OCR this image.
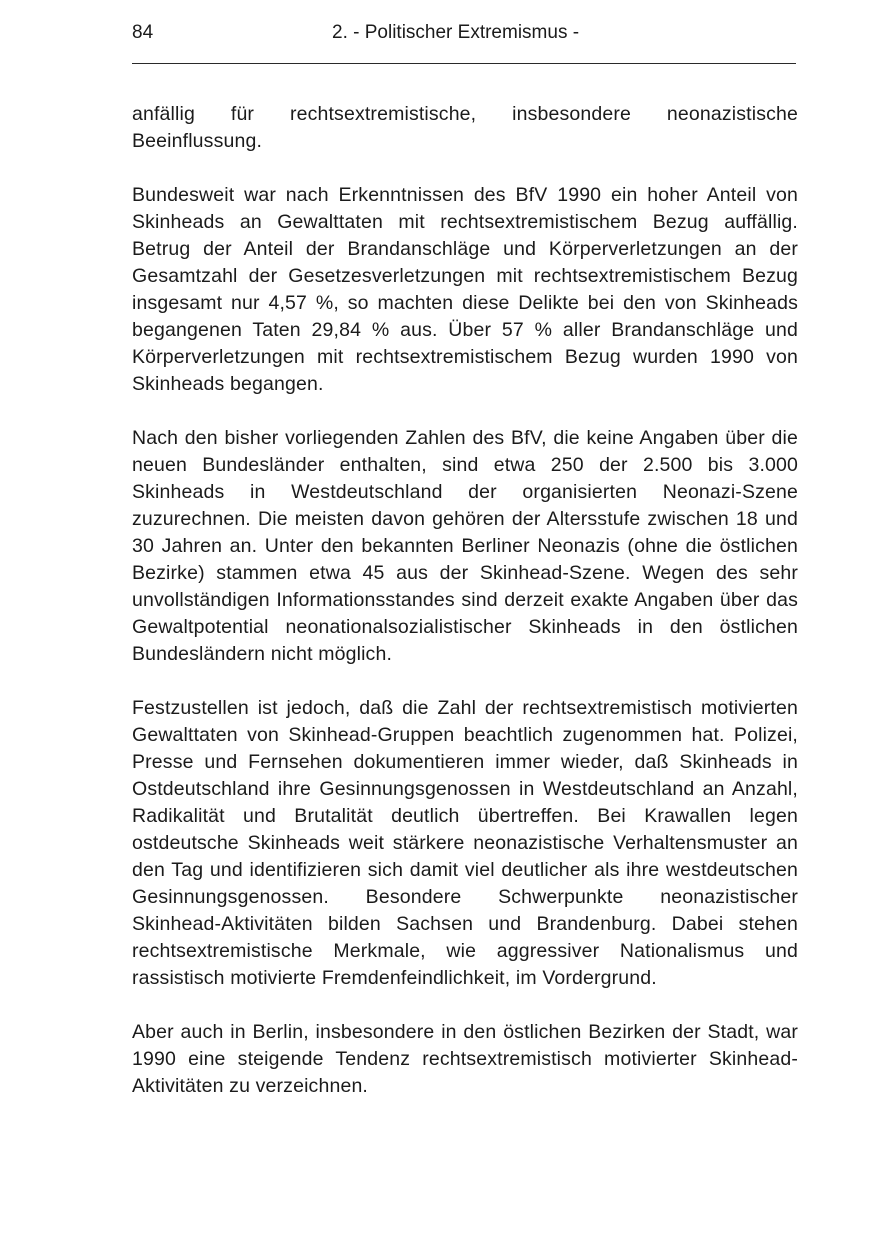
84	2. - Politischer Extremismus -

anfällig für rechtsextremistische, insbesondere neonazistische Beeinflussung.

Bundesweit war nach Erkenntnissen des BfV 1990 ein hoher Anteil von Skinheads an Gewalttaten mit rechtsextremistischem Bezug auffällig. Betrug der Anteil der Brandanschläge und Körperverletzungen an der Gesamtzahl der Gesetzesverletzungen mit rechtsextremistischem Bezug insgesamt nur 4,57 %, so machten diese Delikte bei den von Skinheads begangenen Taten 29,84 % aus. Über 57 % aller Brandanschläge und Körperverletzungen mit rechtsextremistischem Bezug wurden 1990 von Skinheads begangen.

Nach den bisher vorliegenden Zahlen des BfV, die keine Angaben über die neuen Bundesländer enthalten, sind etwa 250 der 2.500 bis 3.000 Skinheads in Westdeutschland der organisierten Neonazi-Szene zuzurechnen. Die meisten davon gehören der Altersstufe zwischen 18 und 30 Jahren an. Unter den bekannten Berliner Neonazis (ohne die östlichen Bezirke) stammen etwa 45 aus der Skinhead-Szene. Wegen des sehr unvollständigen Informationsstandes sind derzeit exakte Angaben über das Gewaltpotential neonationalsozialistischer Skinheads in den östlichen Bundesländern nicht möglich.

Festzustellen ist jedoch, daß die Zahl der rechtsextremistisch motivierten Gewalttaten von Skinhead-Gruppen beachtlich zugenommen hat. Polizei, Presse und Fernsehen dokumentieren immer wieder, daß Skinheads in Ostdeutschland ihre Gesinnungsgenossen in Westdeutschland an Anzahl, Radikalität und Brutalität deutlich übertreffen. Bei Krawallen legen ostdeutsche Skinheads weit stärkere neonazistische Verhaltensmuster an den Tag und identifizieren sich damit viel deutlicher als ihre westdeutschen Gesinnungsgenossen. Besondere Schwerpunkte neonazistischer Skinhead-Aktivitäten bilden Sachsen und Brandenburg. Dabei stehen rechtsextremistische Merkmale, wie aggressiver Nationalismus und rassistisch motivierte Fremdenfeindlichkeit, im Vordergrund.

Aber auch in Berlin, insbesondere in den östlichen Bezirken der Stadt, war 1990 eine steigende Tendenz rechtsextremistisch motivierter Skinhead-Aktivitäten zu verzeichnen.
